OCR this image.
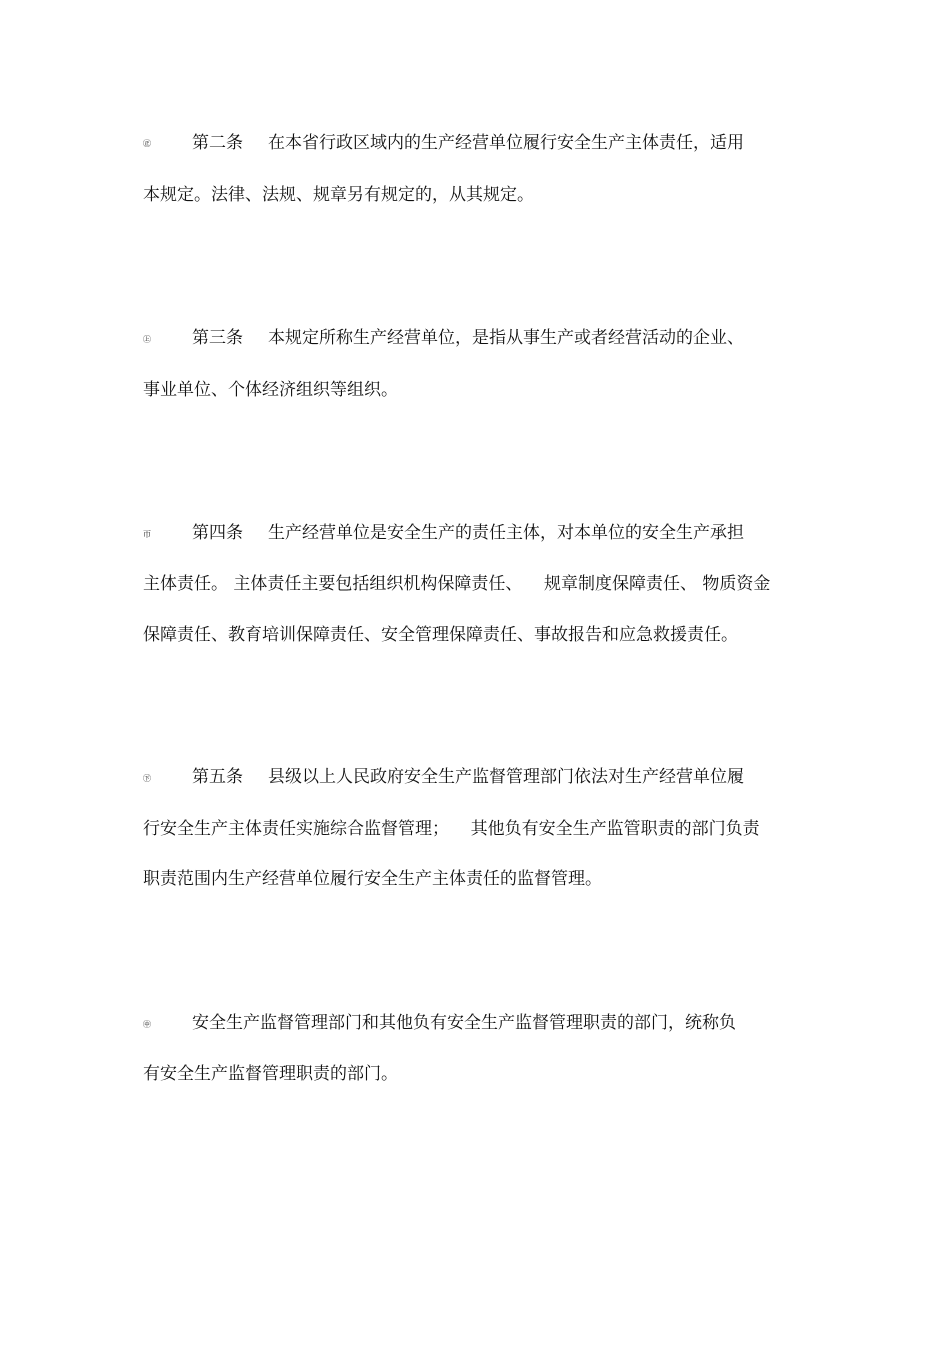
㊣ 第二条 在本省行政区域内的生产经营单位履行安全生产主体责任，适用
本规定。法律、法规、规章另有规定的，从其规定。
㊤ 第三条 本规定所称生产经营单位，是指从事生产或者经营活动的企业、
事业单位、个体经济组织等组织。
帀 第四条 生产经营单位是安全生产的责任主体，对本单位的安全生产承担
主体责任。 主体责任主要包括组织机构保障责任、    规章制度保障责任、 物质资金
保障责任、教育培训保障责任、安全管理保障责任、事故报告和应急救援责任。
㊦ 第五条 县级以上人民政府安全生产监督管理部门依法对生产经营单位履
行安全生产主体责任实施综合监督管理；    其他负有安全生产监管职责的部门负责
职责范围内生产经营单位履行安全生产主体责任的监督管理。
㊥ 安全生产监督管理部门和其他负有安全生产监督管理职责的部门，统称负
有安全生产监督管理职责的部门。
